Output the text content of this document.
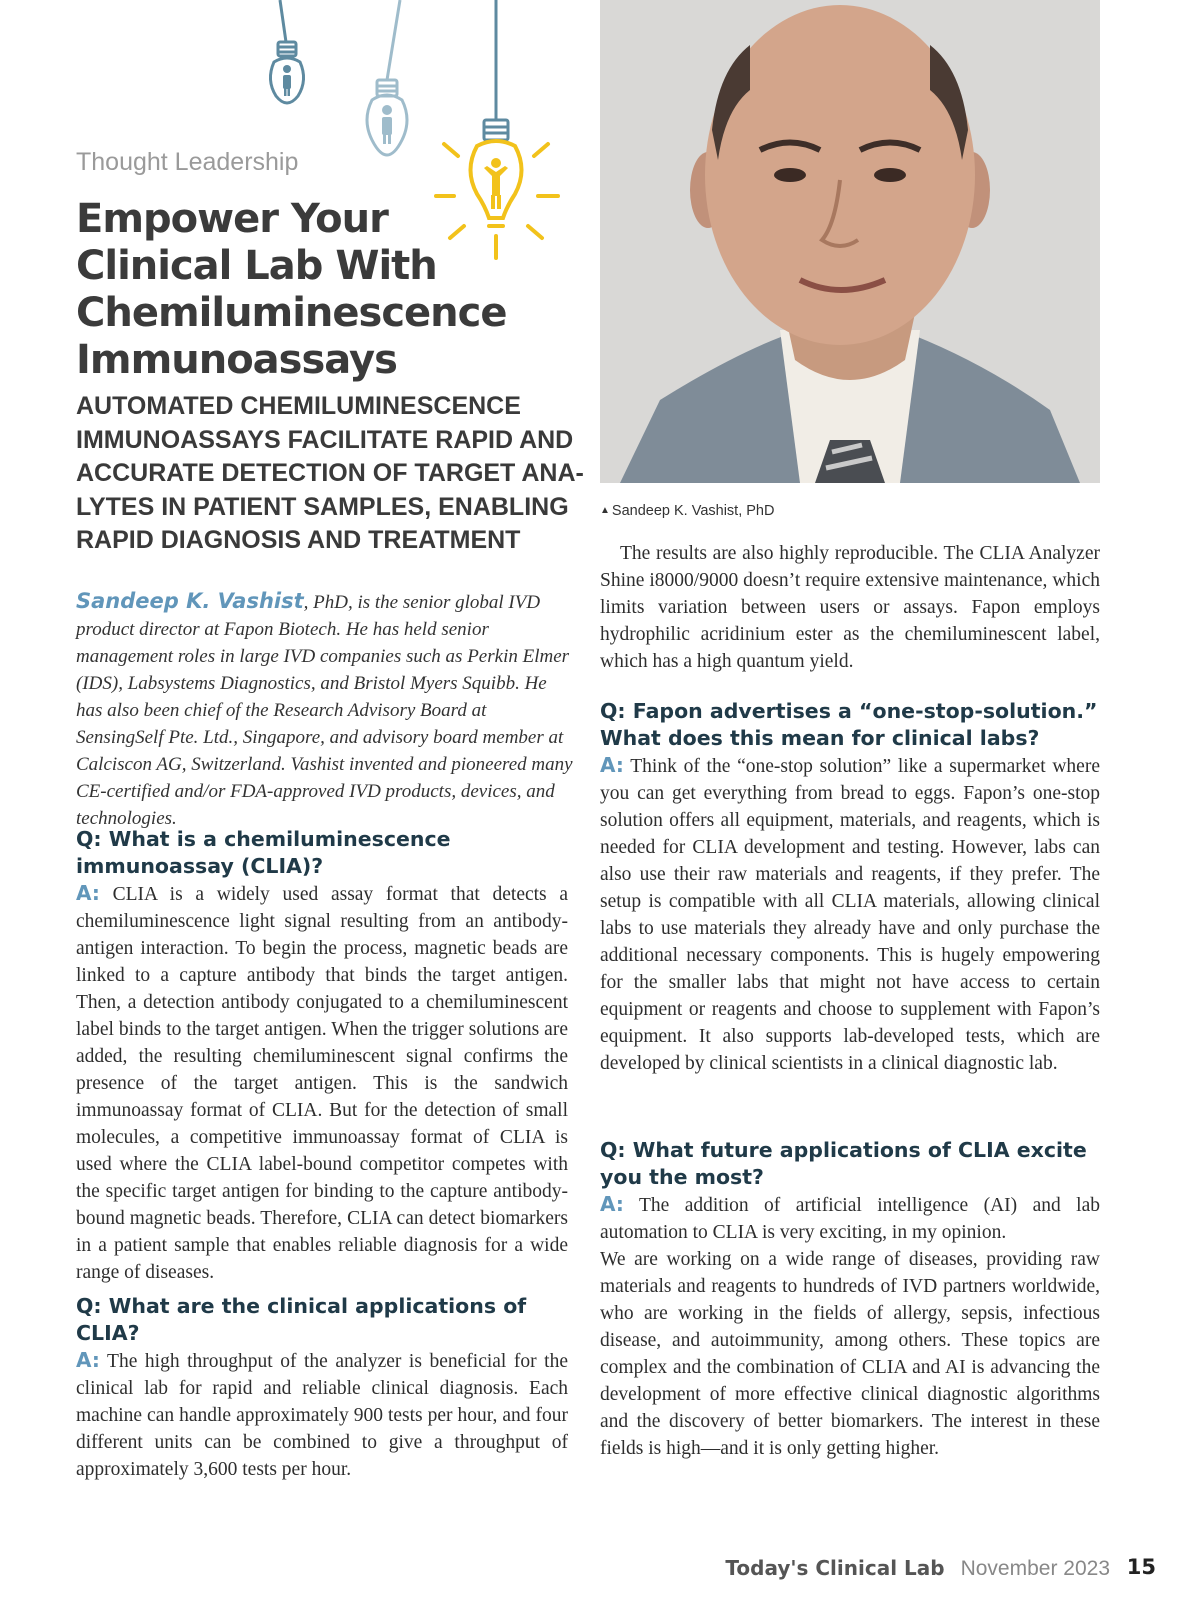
Thought Leadership
Empower Your
Clinical Lab With
Chemiluminescence
Immunoassays
AUTOMATED CHEMILUMINESCENCE
IMMUNOASSAYS FACILITATE RAPID AND
ACCURATE DETECTION OF TARGET ANA-
LYTES IN PATIENT SAMPLES, ENABLING
RAPID DIAGNOSIS AND TREATMENT

Sandeep K. Vashist, PhD, is the senior global IVD product director at Fapon Biotech. He has held senior management roles in large IVD companies such as Perkin Elmer (IDS), Labsystems Diagnostics, and Bristol Myers Squibb. He has also been chief of the Research Advisory Board at SensingSelf Pte. Ltd., Singapore, and advisory board member at Calciscon AG, Switzerland. Vashist invented and pioneered many CE-certified and/or FDA-approved IVD products, devices, and technologies.

Q: What is a chemiluminescence immunoassay (CLIA)?

A: CLIA is a widely used assay format that detects a chemiluminescence light signal resulting from an antibody-antigen interaction. To begin the process, magnetic beads are linked to a capture antibody that binds the target antigen. Then, a detection antibody conjugated to a chemiluminescent label binds to the target antigen. When the trigger solutions are added, the resulting chemiluminescent signal confirms the presence of the target antigen. This is the sandwich immunoassay format of CLIA. But for the detection of small molecules, a competitive immunoassay format of CLIA is used where the CLIA label-bound competitor competes with the specific target antigen for binding to the capture antibody-bound magnetic beads. Therefore, CLIA can detect biomarkers in a patient sample that enables reliable diagnosis for a wide range of diseases.

Q: What are the clinical applications of CLIA?

A: The high throughput of the analyzer is beneficial for the clinical lab for rapid and reliable clinical diagnosis. Each machine can handle approximately 900 tests per hour, and four different units can be combined to give a throughput of approximately 3,600 tests per hour.

▲ Sandeep K. Vashist, PhD

The results are also highly reproducible. The CLIA Analyzer Shine i8000/9000 doesn’t require extensive maintenance, which limits variation between users or assays. Fapon employs hydrophilic acridinium ester as the chemiluminescent label, which has a high quantum yield.

Q: Fapon advertises a “one-stop-solution.” What does this mean for clinical labs?

A: Think of the “one-stop solution” like a supermarket where you can get everything from bread to eggs. Fapon’s one-stop solution offers all equipment, materials, and reagents, which is needed for CLIA development and testing. However, labs can also use their raw materials and reagents, if they prefer. The setup is compatible with all CLIA materials, allowing clinical labs to use materials they already have and only purchase the additional necessary components. This is hugely empowering for the smaller labs that might not have access to certain equipment or reagents and choose to supplement with Fapon’s equipment. It also supports lab-developed tests, which are developed by clinical scientists in a clinical diagnostic lab.

Q: What future applications of CLIA excite you the most?

A: The addition of artificial intelligence (AI) and lab automation to CLIA is very exciting, in my opinion.

We are working on a wide range of diseases, providing raw materials and reagents to hundreds of IVD partners worldwide, who are working in the fields of allergy, sepsis, infectious disease, and autoimmunity, among others. These topics are complex and the combination of CLIA and AI is advancing the development of more effective clinical diagnostic algorithms and the discovery of better biomarkers. The interest in these fields is high—and it is only getting higher.

Today's Clinical Lab November 2023 15
